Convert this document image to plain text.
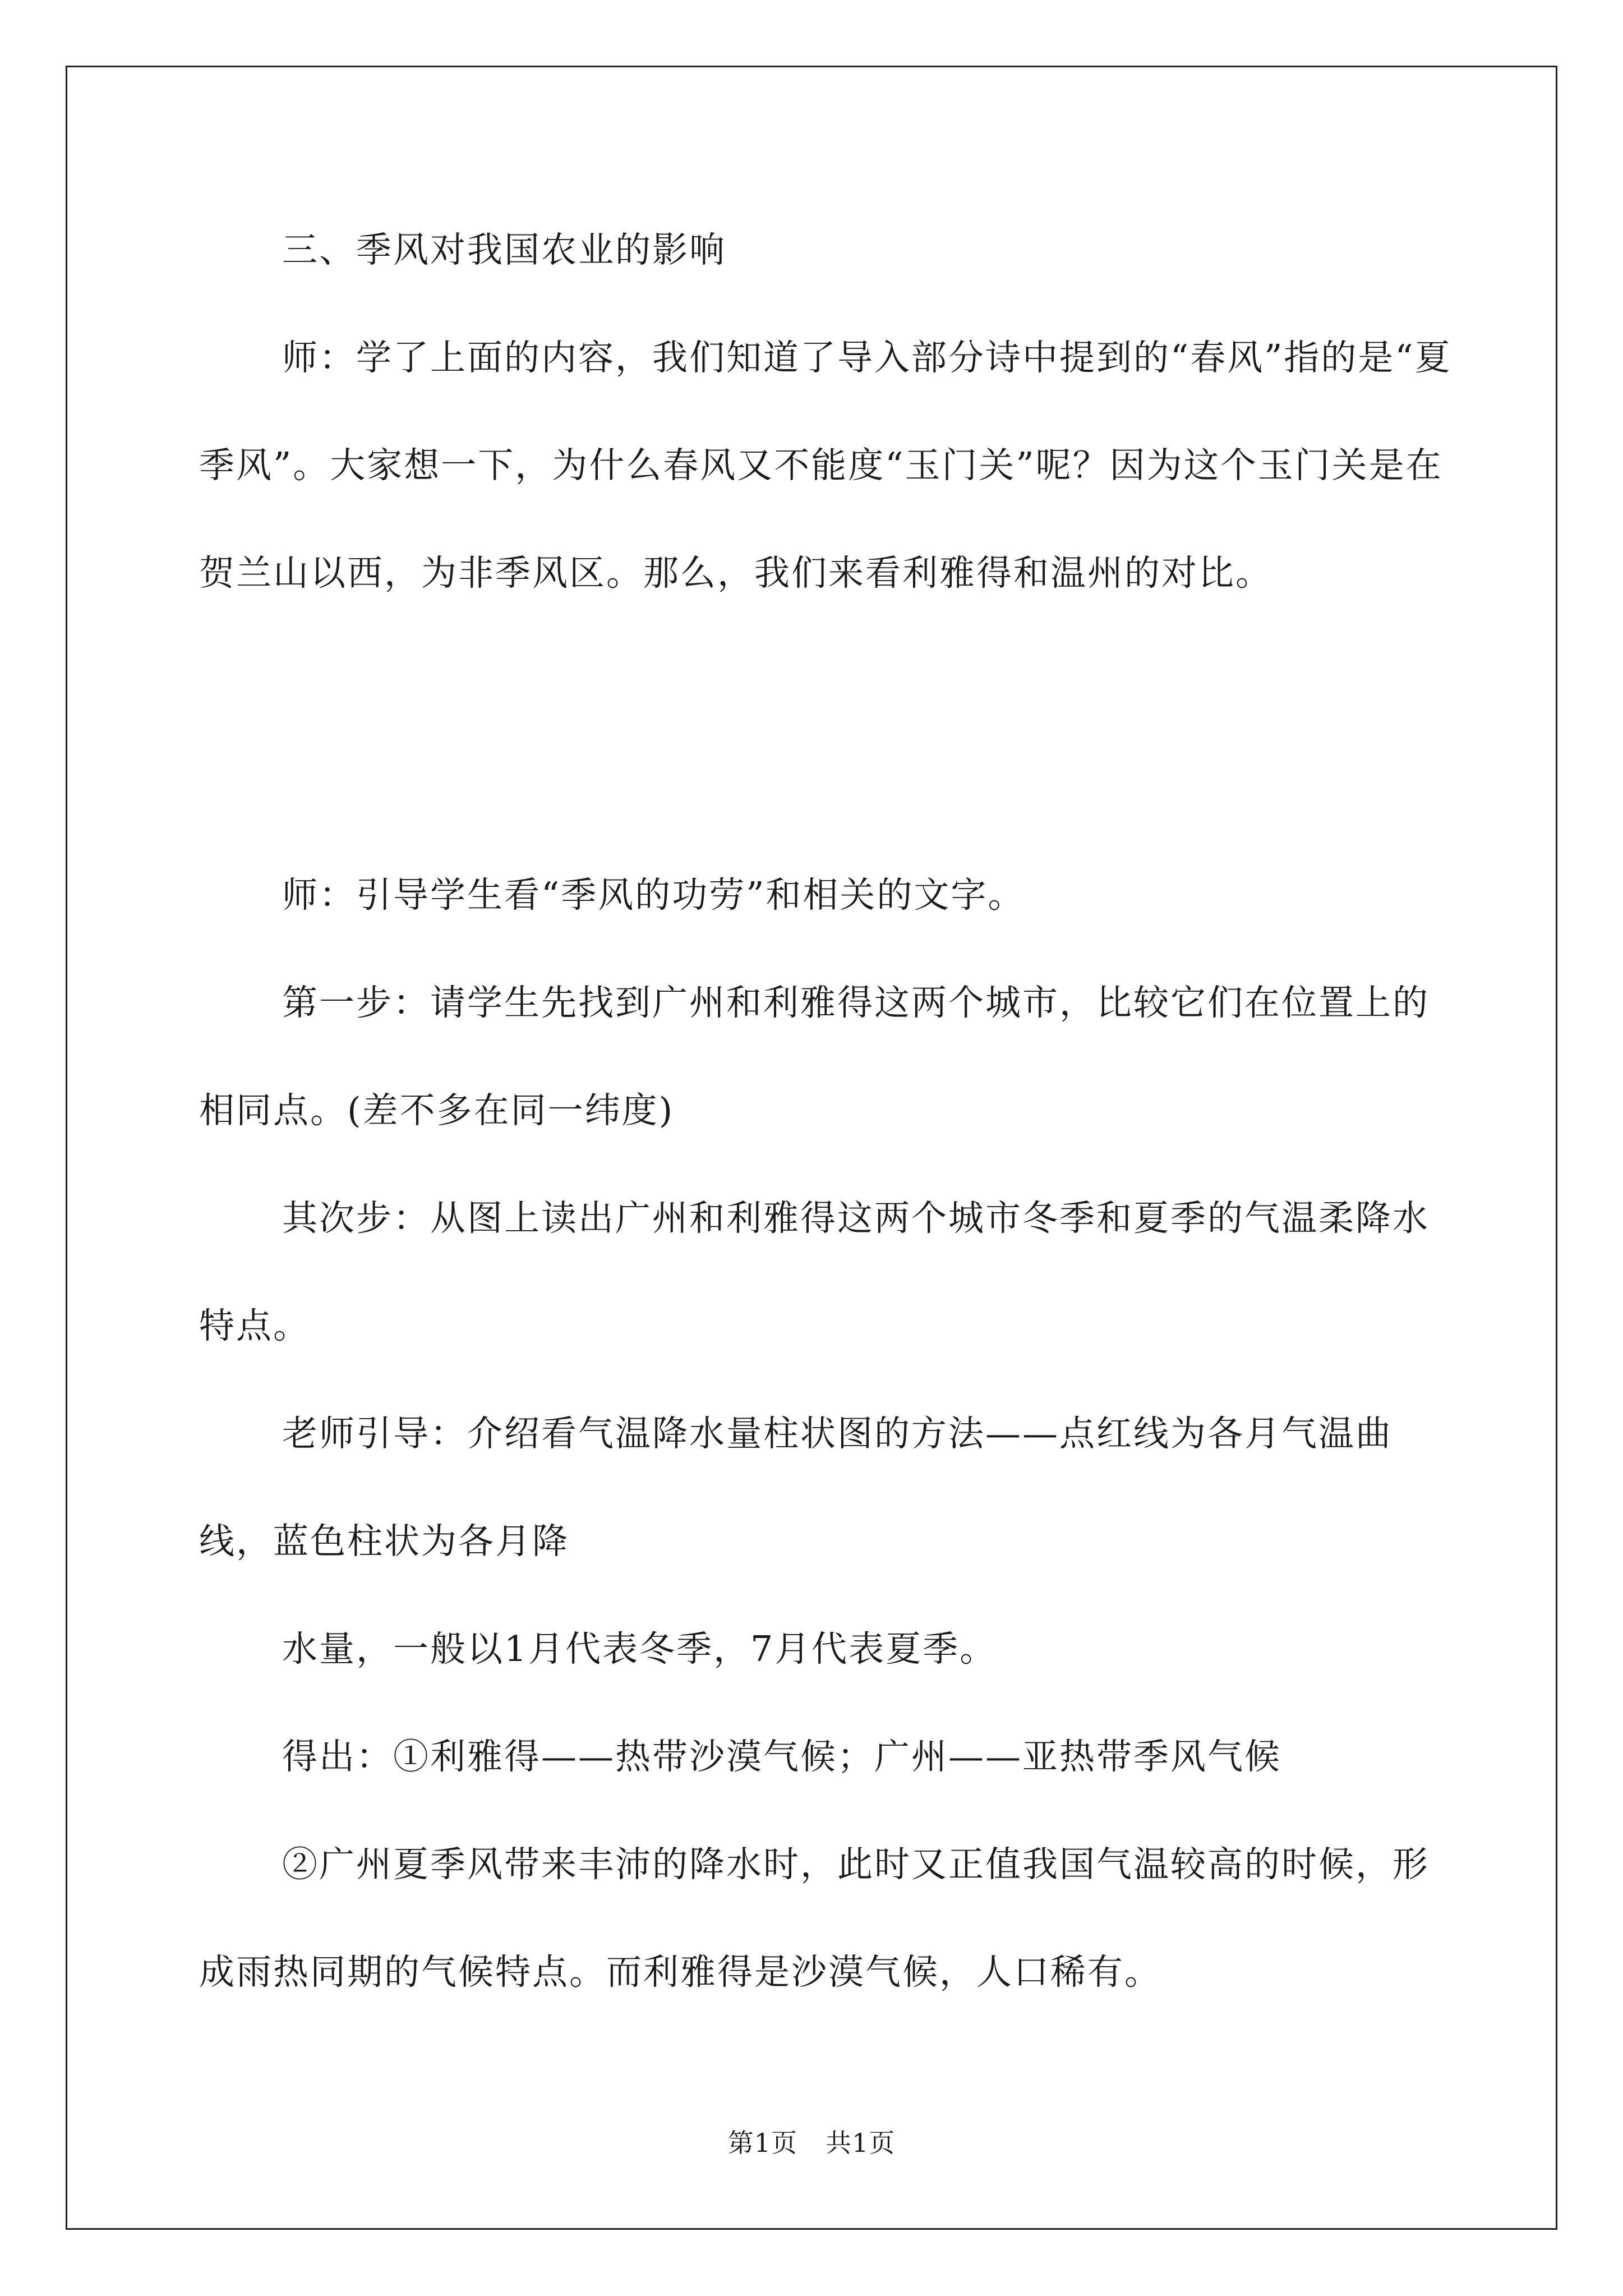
三、季风对我国农业的影响

师：学了上面的内容，我们知道了导入部分诗中提到的“春风”指的是“夏季风”。大家想一下，为什么春风又不能度“玉门关”呢？因为这个玉门关是在贺兰山以西，为非季风区。那么，我们来看利雅得和温州的对比。

师：引导学生看“季风的功劳”和相关的文字。

第一步：请学生先找到广州和利雅得这两个城市，比较它们在位置上的相同点。(差不多在同一纬度)

其次步：从图上读出广州和利雅得这两个城市冬季和夏季的气温柔降水特点。

老师引导：介绍看气温降水量柱状图的方法——点红线为各月气温曲线，蓝色柱状为各月降

水量，一般以1月代表冬季，7月代表夏季。

得出：①利雅得——热带沙漠气候；广州——亚热带季风气候

②广州夏季风带来丰沛的降水时，此时又正值我国气温较高的时候，形成雨热同期的气候特点。而利雅得是沙漠气候，人口稀有。

第1页 共1页
